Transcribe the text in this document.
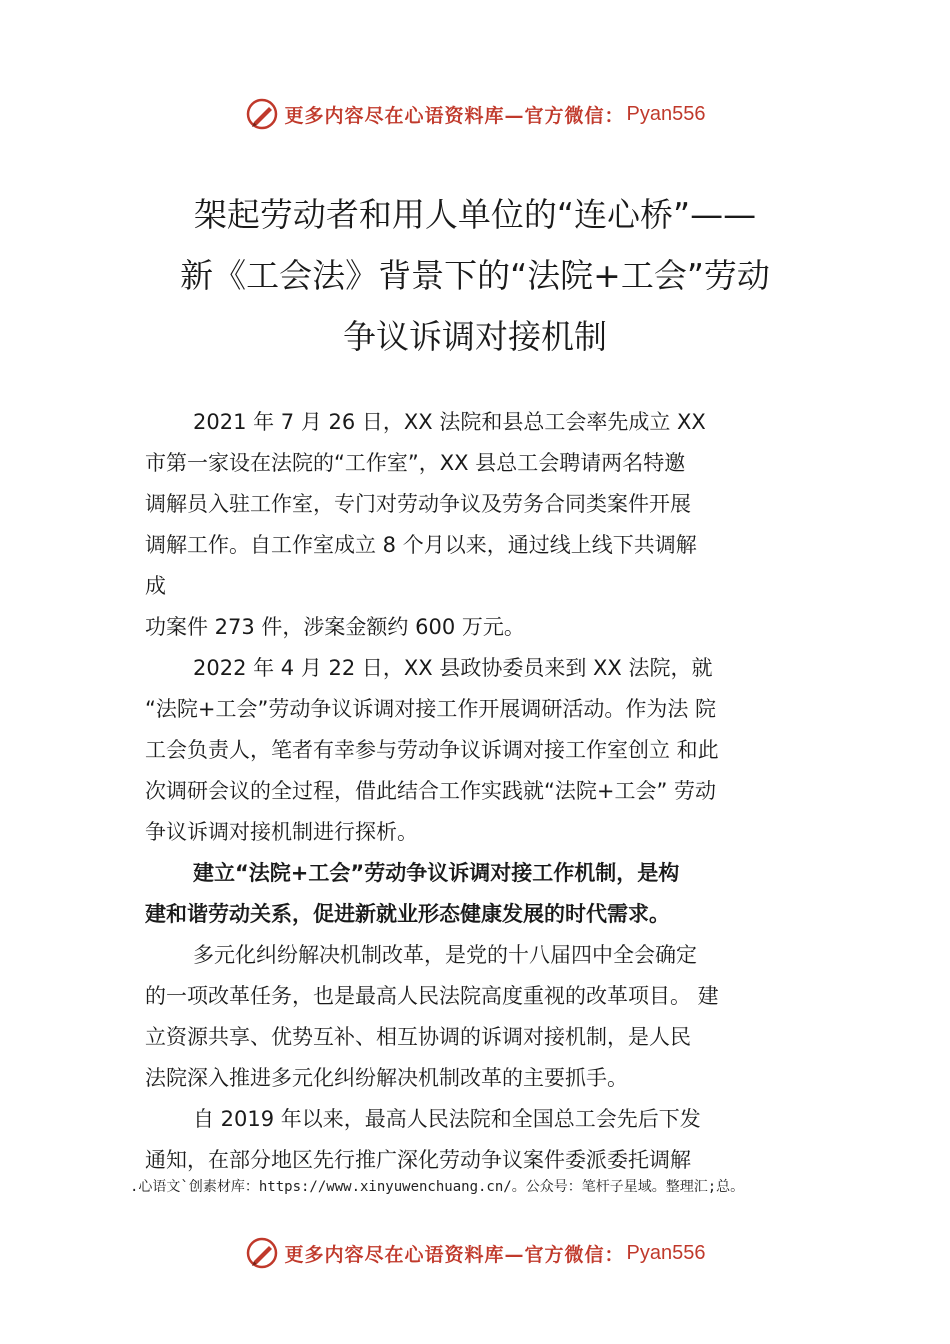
更多内容尽在心语资料库—官方微信： Pyan556
架起劳动者和用人单位的“连心桥”——
新《工会法》背景下的“法院+工会”劳动
争议诉调对接机制
2021 年 7 月 26 日，XX 法院和县总工会率先成立 XX
市第一家设在法院的“工作室”，XX 县总工会聘请两名特邀
调解员入驻工作室，专门对劳动争议及劳务合同类案件开展
调解工作。自工作室成立 8 个月以来，通过线上线下共调解
成
功案件 273 件，涉案金额约 600 万元。
2022 年 4 月 22 日，XX 县政协委员来到 XX 法院，就
“法院+工会”劳动争议诉调对接工作开展调研活动。作为法 院
工会负责人，笔者有幸参与劳动争议诉调对接工作室创立 和此
次调研会议的全过程，借此结合工作实践就“法院+工会” 劳动
争议诉调对接机制进行探析。
建立“法院+工会”劳动争议诉调对接工作机制，是构
建和谐劳动关系，促进新就业形态健康发展的时代需求。
多元化纠纷解决机制改革，是党的十八届四中全会确定
的一项改革任务，也是最高人民法院高度重视的改革项目。 建
立资源共享、优势互补、相互协调的诉调对接机制，是人民
法院深入推进多元化纠纷解决机制改革的主要抓手。
自 2019 年以来，最高人民法院和全国总工会先后下发
通知，在部分地区先行推广深化劳动争议案件委派委托调解
.心语文`创素材库：https://www.xinyuwenchuang.cn/。公众号：笔杆子星域。整理汇;总。
更多内容尽在心语资料库—官方微信： Pyan556
